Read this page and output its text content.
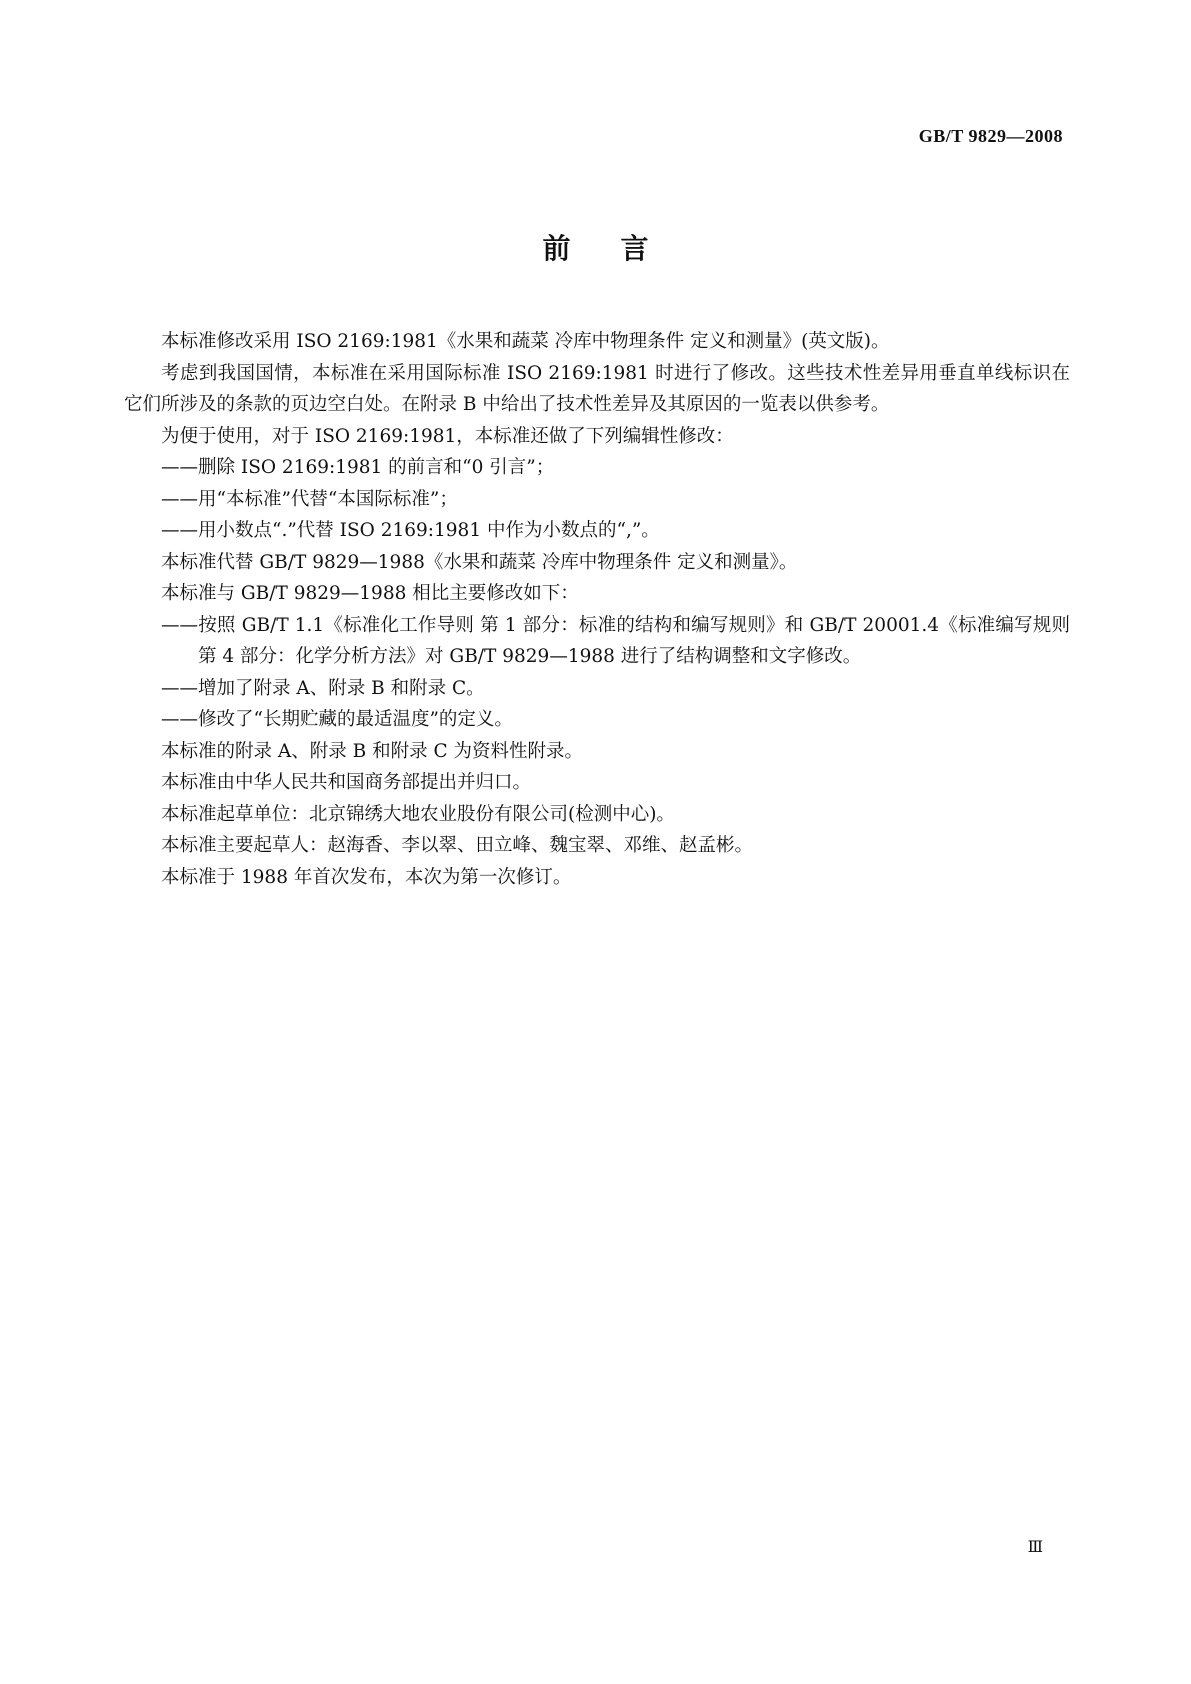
GB/T 9829—2008
前言

本标准修改采用 ISO 2169:1981《水果和蔬菜 冷库中物理条件 定义和测量》(英文版)。

考虑到我国国情，本标准在采用国际标准 ISO 2169:1981 时进行了修改。这些技术性差异用垂直单线标识在它们所涉及的条款的页边空白处。在附录 B 中给出了技术性差异及其原因的一览表以供参考。

为便于使用，对于 ISO 2169:1981，本标准还做了下列编辑性修改：

——删除 ISO 2169:1981 的前言和“0 引言”；

——用“本标准”代替“本国际标准”；

——用小数点“.”代替 ISO 2169:1981 中作为小数点的“,”。

本标准代替 GB/T 9829—1988《水果和蔬菜 冷库中物理条件 定义和测量》。

本标准与 GB/T 9829—1988 相比主要修改如下：

——按照 GB/T 1.1《标准化工作导则 第 1 部分：标准的结构和编写规则》和 GB/T 20001.4《标准编写规则 第 4 部分：化学分析方法》对 GB/T 9829—1988 进行了结构调整和文字修改。

——增加了附录 A、附录 B 和附录 C。

——修改了“长期贮藏的最适温度”的定义。

本标准的附录 A、附录 B 和附录 C 为资料性附录。

本标准由中华人民共和国商务部提出并归口。

本标准起草单位：北京锦绣大地农业股份有限公司(检测中心)。

本标准主要起草人：赵海香、李以翠、田立峰、魏宝翠、邓维、赵孟彬。

本标准于 1988 年首次发布，本次为第一次修订。

Ⅲ
